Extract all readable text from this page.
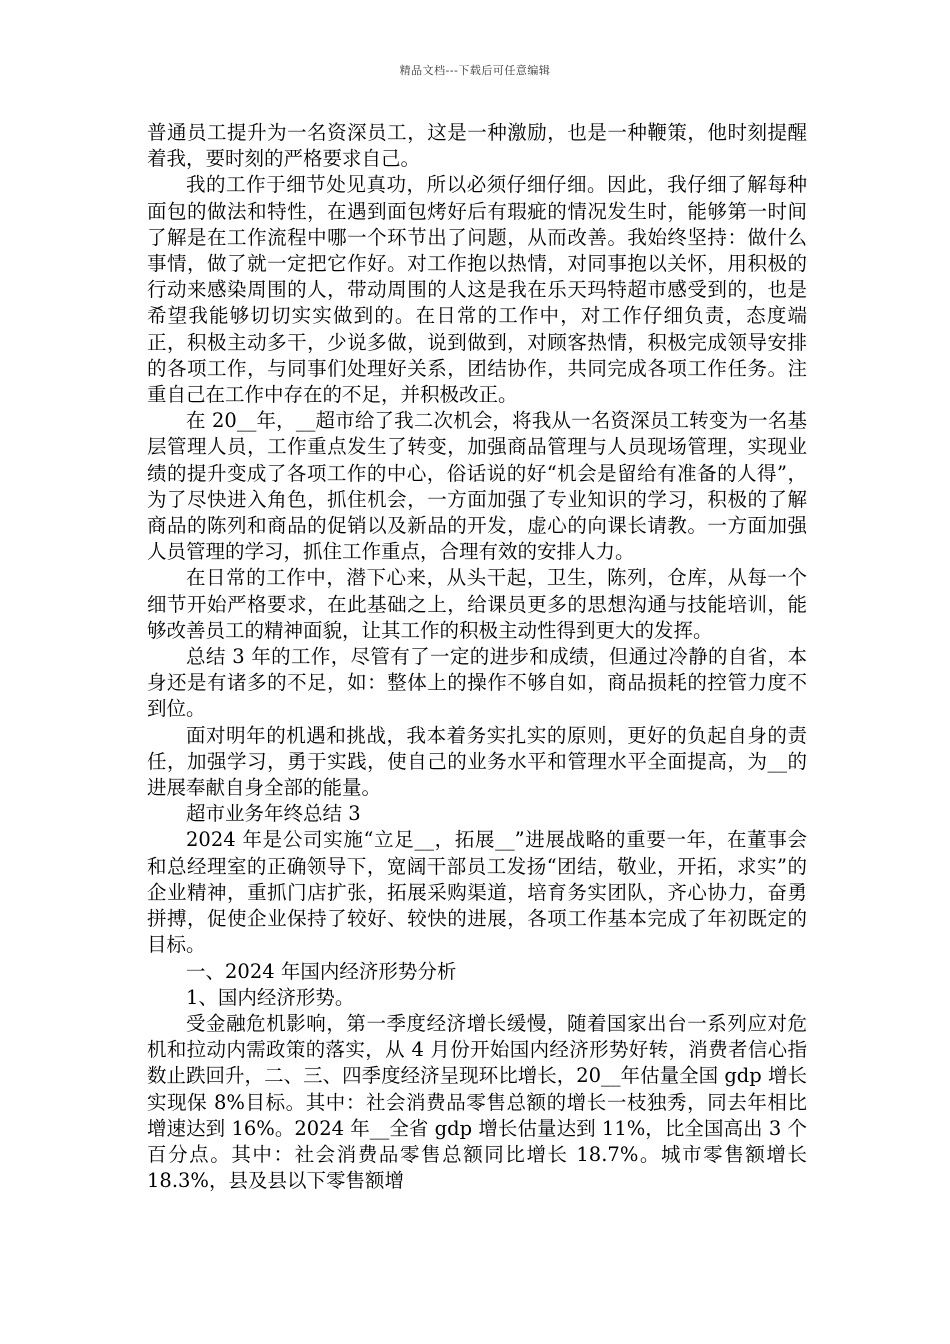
精品文档---下载后可任意编辑

普通员工提升为一名资深员工，这是一种激励，也是一种鞭策，他时刻提醒着我，要时刻的严格要求自己。

我的工作于细节处见真功，所以必须仔细仔细。因此，我仔细了解每种面包的做法和特性，在遇到面包烤好后有瑕疵的情况发生时，能够第一时间了解是在工作流程中哪一个环节出了问题，从而改善。我始终坚持：做什么事情，做了就一定把它作好。对工作抱以热情，对同事抱以关怀，用积极的行动来感染周围的人，带动周围的人这是我在乐天玛特超市感受到的，也是希望我能够切切实实做到的。在日常的工作中，对工作仔细负责，态度端正，积极主动多干，少说多做，说到做到，对顾客热情，积极完成领导安排的各项工作，与同事们处理好关系，团结协作，共同完成各项工作任务。注重自己在工作中存在的不足，并积极改正。

在 20__年，__超市给了我二次机会，将我从一名资深员工转变为一名基层管理人员，工作重点发生了转变，加强商品管理与人员现场管理，实现业绩的提升变成了各项工作的中心，俗话说的好“机会是留给有准备的人得”，为了尽快进入角色，抓住机会，一方面加强了专业知识的学习，积极的了解商品的陈列和商品的促销以及新品的开发，虚心的向课长请教。一方面加强人员管理的学习，抓住工作重点，合理有效的安排人力。

在日常的工作中，潜下心来，从头干起，卫生，陈列，仓库，从每一个细节开始严格要求，在此基础之上，给课员更多的思想沟通与技能培训，能够改善员工的精神面貌，让其工作的积极主动性得到更大的发挥。

总结 3 年的工作，尽管有了一定的进步和成绩，但通过冷静的自省，本身还是有诸多的不足，如：整体上的操作不够自如，商品损耗的控管力度不到位。

面对明年的机遇和挑战，我本着务实扎实的原则，更好的负起自身的责任，加强学习，勇于实践，使自己的业务水平和管理水平全面提高，为__的进展奉献自身全部的能量。

超市业务年终总结 3

2024 年是公司实施“立足__，拓展__”进展战略的重要一年，在董事会和总经理室的正确领导下，宽阔干部员工发扬“团结，敬业，开拓，求实”的企业精神，重抓门店扩张，拓展采购渠道，培育务实团队，齐心协力，奋勇拼搏，促使企业保持了较好、较快的进展，各项工作基本完成了年初既定的目标。

一、2024 年国内经济形势分析

1、国内经济形势。

受金融危机影响，第一季度经济增长缓慢，随着国家出台一系列应对危机和拉动内需政策的落实，从 4 月份开始国内经济形势好转，消费者信心指数止跌回升，二、三、四季度经济呈现环比增长，20__年估量全国 gdp 增长实现保 8%目标。其中：社会消费品零售总额的增长一枝独秀，同去年相比增速达到 16%。2024 年__全省 gdp 增长估量达到 11%，比全国高出 3 个百分点。其中：社会消费品零售总额同比增长 18.7%。城市零售额增长 18.3%，县及县以下零售额增
